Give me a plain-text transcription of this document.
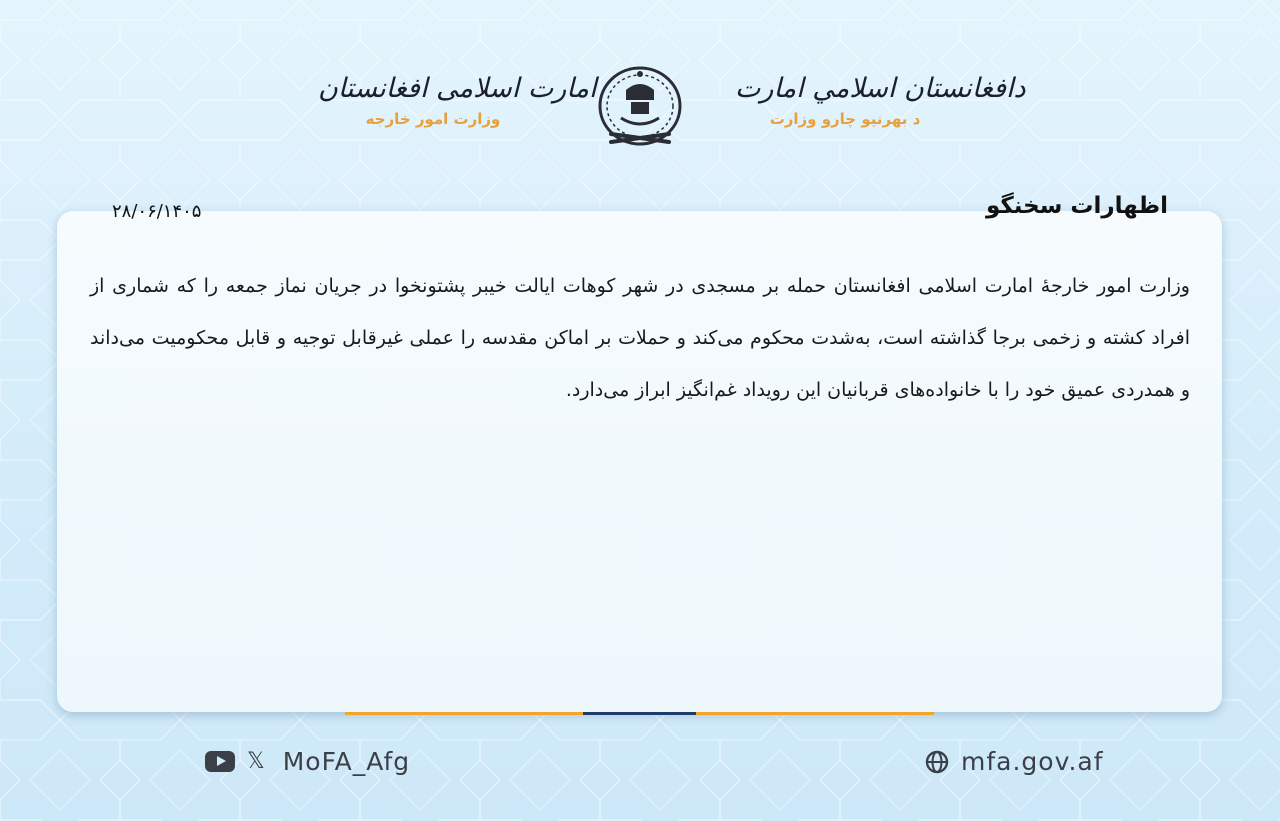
امارت اسلامی افغانستان
وزارت امور خارجه
دافغانستان اسلامي امارت
د بهرنیو چارو وزارت
اظهارات سخنگو
۲۸/۰۶/۱۴۰۵
وزارت امور خارجهٔ امارت اسلامی افغانستان حمله بر مسجدی در شهر کوهات ایالت خیبر پشتونخوا در جریان نماز جمعه را که شماری از افراد کشته و زخمی برجا گذاشته است، به‌شدت محکوم می‌کند و حملات بر اماکن مقدسه را عملی غیرقابل توجیه و قابل محکومیت می‌داند و همدردی عمیق خود را با خانواده‌های قربانیان این رویداد غم‌انگیز ابراز می‌دارد.
𝕏 MoFA_Afg	mfa.gov.af
